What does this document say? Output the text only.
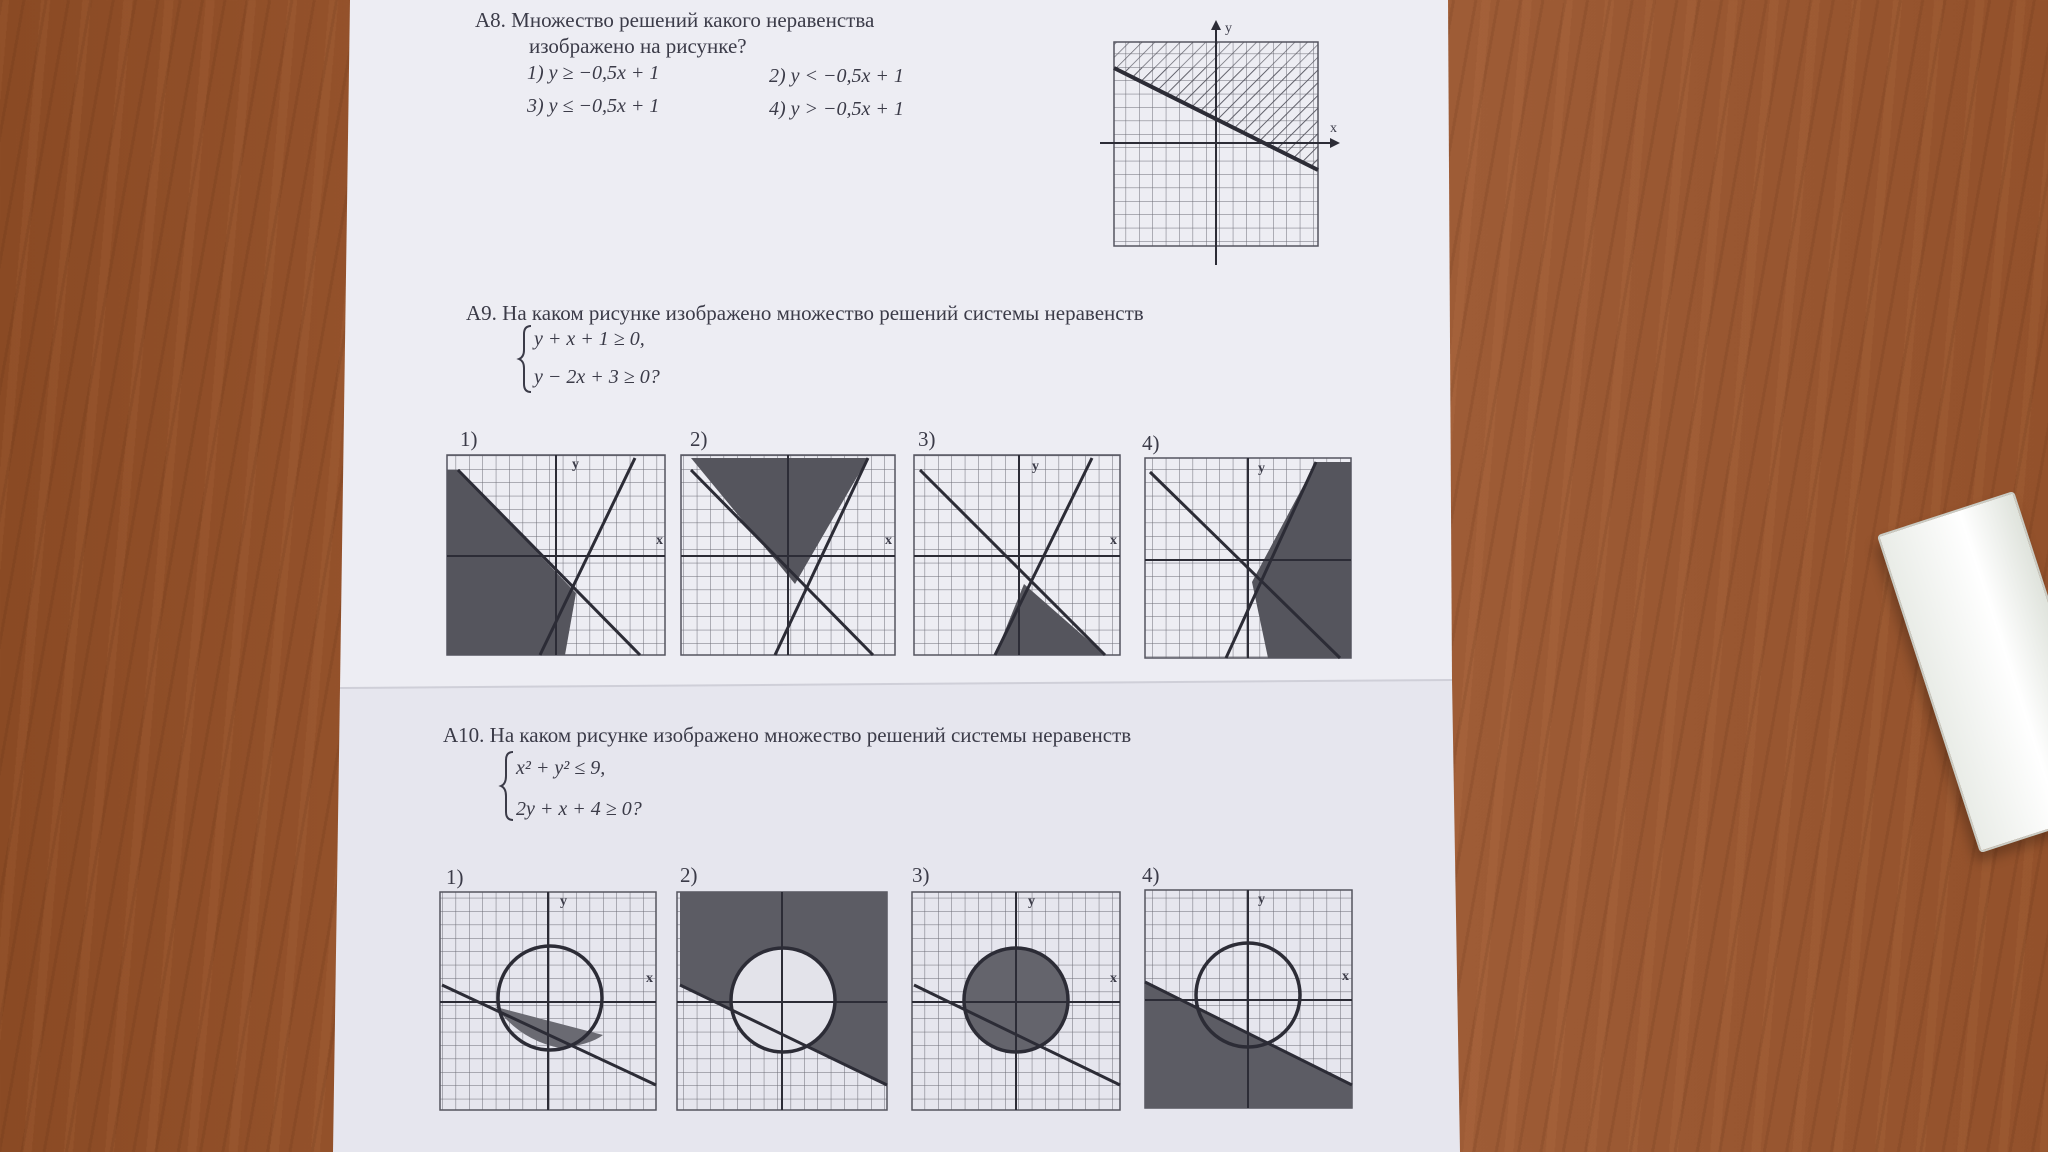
А8. Множество решений какого неравенства
изображено на рисунке?
1) y ≥ −0,5x + 1	2) y < −0,5x + 1
3) y ≤ −0,5x + 1	4) y > −0,5x + 1
x
y
А9. На каком рисунке изображено множество решений системы неравенств
y + x + 1 ≥ 0,
y − 2x + 3 ≥ 0?
1)
x
y
2)
x
3)
x
y
4)
y
А10. На каком рисунке изображено множество решений системы неравенств
x² + y² ≤ 9,
2y + x + 4 ≥ 0?
1)
x
y
2)	3)
x
y
4)
x
y
